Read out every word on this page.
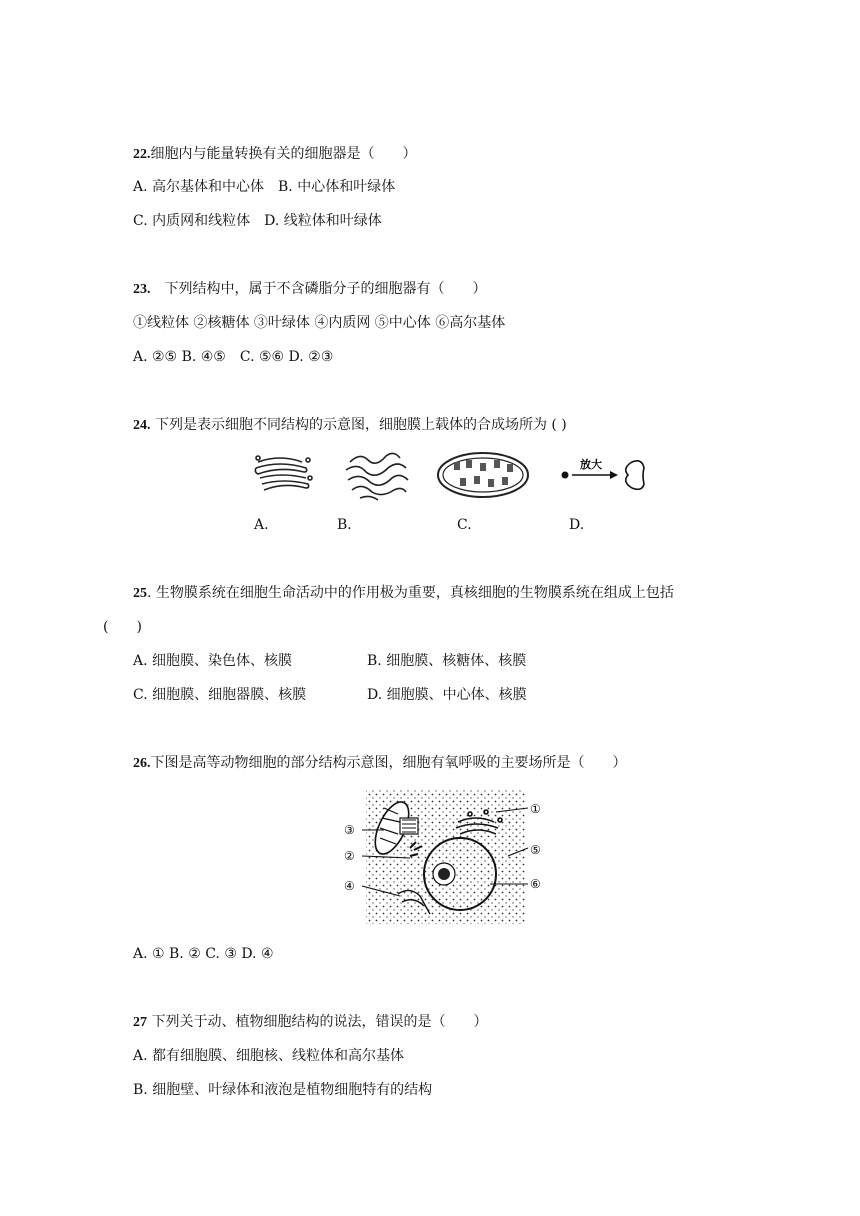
22.细胞内与能量转换有关的细胞器是（　　）
A. 高尔基体和中心体　B. 中心体和叶绿体
C. 内质网和线粒体　D. 线粒体和叶绿体
23.　下列结构中，属于不含磷脂分子的细胞器有（　　）
①线粒体 ②核糖体 ③叶绿体 ④内质网 ⑤中心体 ⑥高尔基体
A. ②⑤ B. ④⑤　C. ⑤⑥ D. ②③
24. 下列是表示细胞不同结构的示意图，细胞膜上载体的合成场所为 ( )
放大
A.	B.	C.	D.
25. 生物膜系统在细胞生命活动中的作用极为重要，真核细胞的生物膜系统在组成上包括
(　　)
A. 细胞膜、染色体、核膜	B. 细胞膜、核糖体、核膜
C. 细胞膜、细胞器膜、核膜	D. 细胞膜、中心体、核膜
26.下图是高等动物细胞的部分结构示意图，细胞有氧呼吸的主要场所是（　　）
①
②
③
④
⑤
⑥
A. ① B. ② C. ③ D. ④
27 下列关于动、植物细胞结构的说法，错误的是（　　）
A. 都有细胞膜、细胞核、线粒体和高尔基体
B. 细胞壁、叶绿体和液泡是植物细胞特有的结构
